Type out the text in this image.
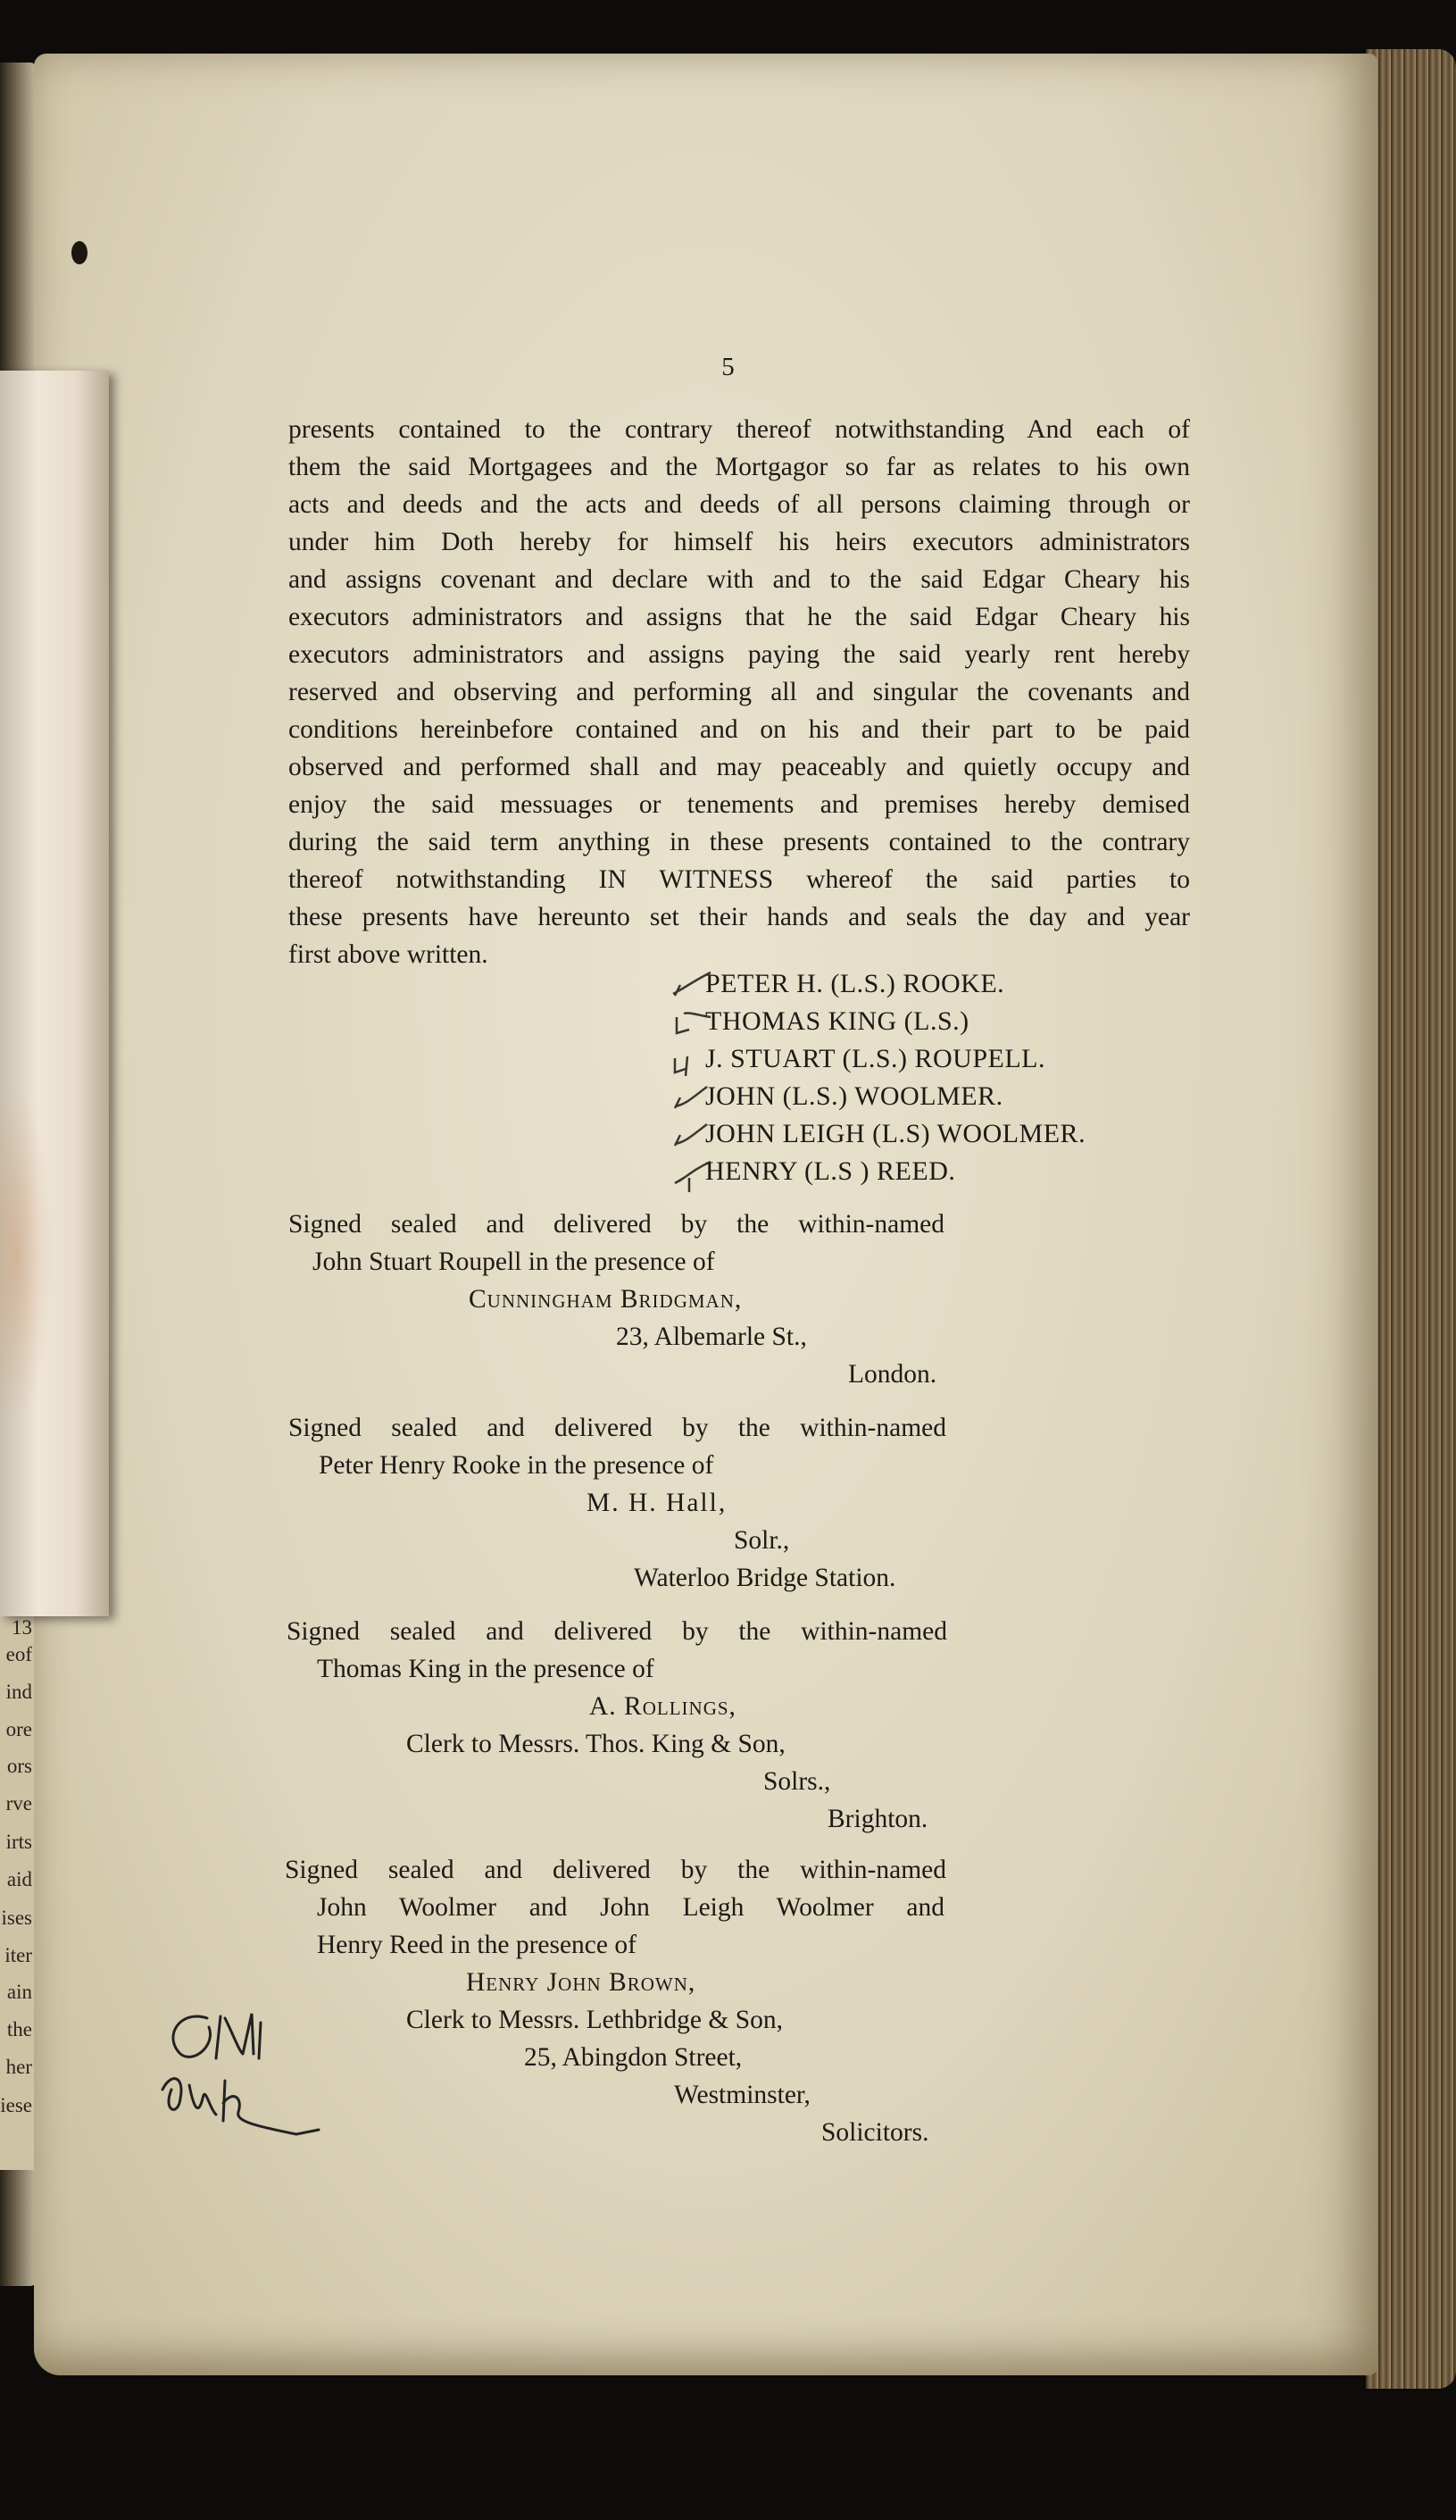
13
eof
ind
ore
ors
rve
irts
aid
ises
iter
ain
the
her
iese
5
presents contained to the contrary thereof notwithstanding And each of
them the said Mortgagees and the Mortgagor so far as relates to his own
acts and deeds and the acts and deeds of all persons claiming through or
under him Doth hereby for himself his heirs executors administrators
and assigns covenant and declare with and to the said Edgar Cheary his
executors administrators and assigns that he the said Edgar Cheary his
executors administrators and assigns paying the said yearly rent hereby
reserved and observing and performing all and singular the covenants and
conditions hereinbefore contained and on his and their part to be paid
observed and performed shall and may peaceably and quietly occupy and
enjoy the said messuages or tenements and premises hereby demised
during the said term anything in these presents contained to the contrary
thereof notwithstanding IN WITNESS whereof the said parties to
these presents have hereunto set their hands and seals the day and year
first above written.
PETER H. (L.S.) ROOKE.
THOMAS KING (L.S.)
J. STUART (L.S.) ROUPELL.
JOHN (L.S.) WOOLMER.
JOHN LEIGH (L.S) WOOLMER.
HENRY (L.S ) REED.
Signed sealed and delivered by the within-named
John Stuart Roupell in the presence of
Cunningham Bridgman,
23, Albemarle St.,
London.
Signed sealed and delivered by the within-named
Peter Henry Rooke in the presence of
M. H. Hall,
Solr.,
Waterloo Bridge Station.
Signed sealed and delivered by the within-named
Thomas King in the presence of
A. Rollings,
Clerk to Messrs. Thos. King & Son,
Solrs.,
Brighton.
Signed sealed and delivered by the within-named
John Woolmer and John Leigh Woolmer and
Henry Reed in the presence of
Henry John Brown,
Clerk to Messrs. Lethbridge & Son,
25, Abingdon Street,
Westminster,
Solicitors.
